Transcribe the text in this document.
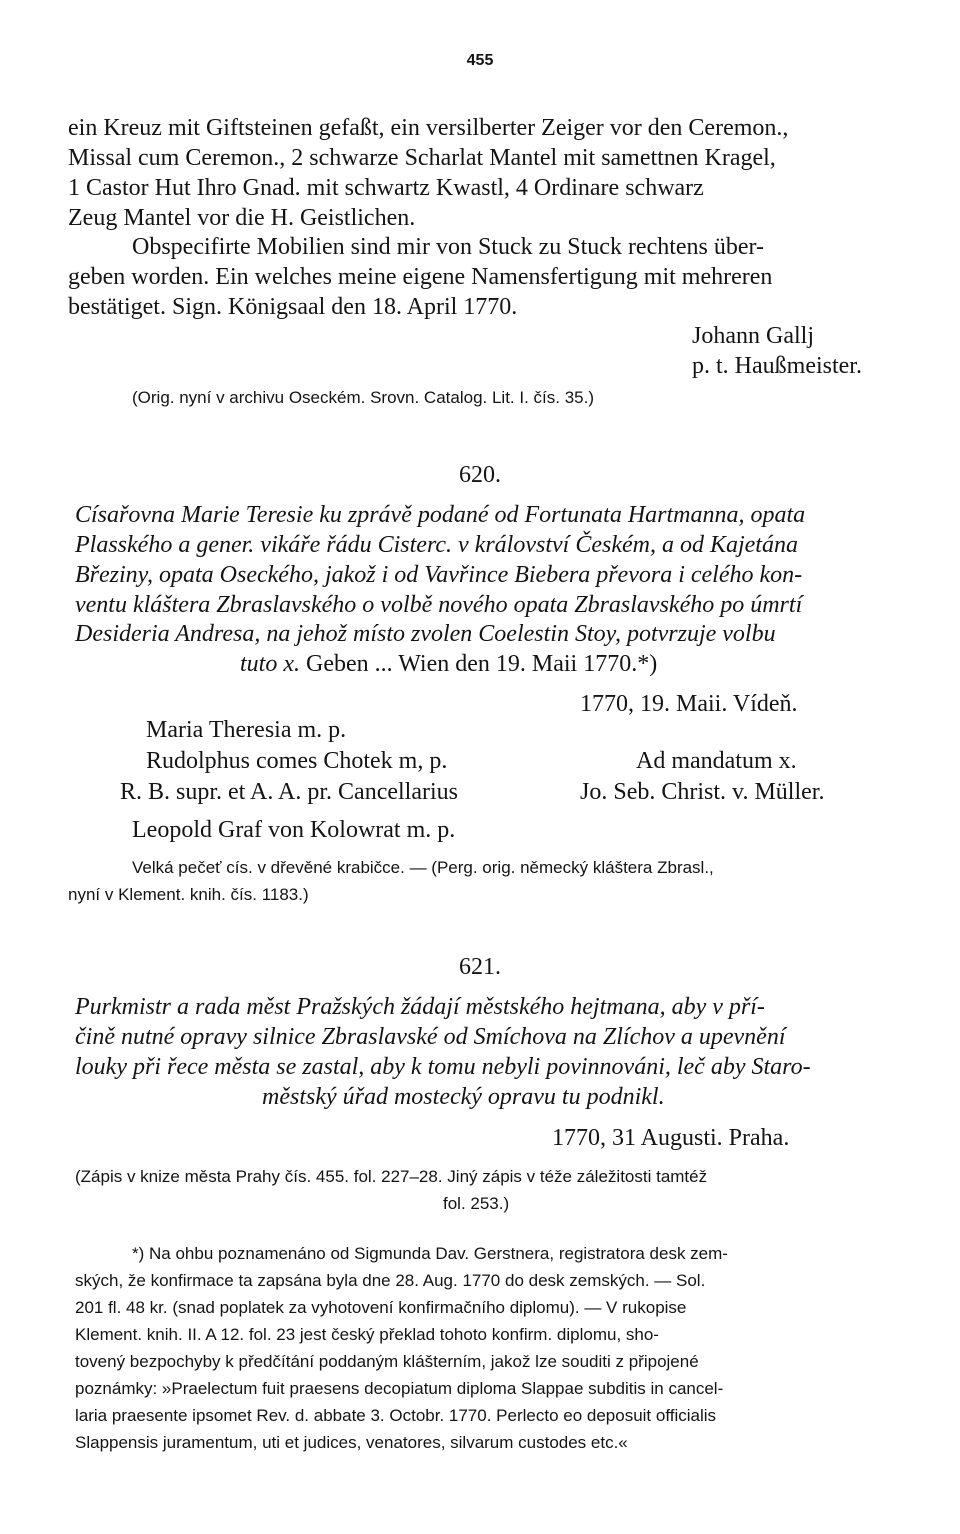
455
ein Kreuz mit Giftsteinen gefaßt, ein versilberter Zeiger vor den Ceremon.,
Missal cum Ceremon., 2 schwarze Scharlat Mantel mit samettnen Kragel,
1 Castor Hut Ihro Gnad. mit schwartz Kwastl, 4 Ordinare schwarz
Zeug Mantel vor die H. Geistlichen.
Obspecifirte Mobilien sind mir von Stuck zu Stuck rechtens über-
geben worden. Ein welches meine eigene Namensfertigung mit mehreren
bestätiget. Sign. Königsaal den 18. April 1770.
Johann Gallj
p. t. Haußmeister.
(Orig. nyní v archivu Oseckém. Srovn. Catalog. Lit. I. čís. 35.)
620.
Císařovna Marie Teresie ku zprávě podané od Fortunata Hartmanna, opata
Plasského a gener. vikáře řádu Cisterc. v království Českém, a od Kajetána
Březiny, opata Oseckého, jakož i od Vavřince Biebera převora i celého kon-
ventu kláštera Zbraslavského o volbě nového opata Zbraslavského po úmrtí
Desideria Andresa, na jehož místo zvolen Coelestin Stoy, potvrzuje volbu
tuto x. Geben ... Wien den 19. Maii 1770.*)
1770, 19. Maii. Vídeň.
Maria Theresia m. p.
Rudolphus comes Chotek m, p.	Ad mandatum x.
R. B. supr. et A. A. pr. Cancellarius	Jo. Seb. Christ. v. Müller.
Leopold Graf von Kolowrat m. p.
Velká pečeť cís. v dřevěné krabičce. — (Perg. orig. německý kláštera Zbrasl.,
nyní v Klement. knih. čís. 1183.)
621.
Purkmistr a rada měst Pražských žádají městského hejtmana, aby v pří-
čině nutné opravy silnice Zbraslavské od Smíchova na Zlíchov a upevnění
louky při řece města se zastal, aby k tomu nebyli povinnováni, leč aby Staro-
městský úřad mostecký opravu tu podnikl.
1770, 31 Augusti. Praha.
(Zápis v knize města Prahy čís. 455. fol. 227–28. Jiný zápis v téže záležitosti tamtéž
fol. 253.)
*) Na ohbu poznamenáno od Sigmunda Dav. Gerstnera, registratora desk zem-
ských, že konfirmace ta zapsána byla dne 28. Aug. 1770 do desk zemských. — Sol.
201 fl. 48 kr. (snad poplatek za vyhotovení konfirmačního diplomu). — V rukopise
Klement. knih. II. A 12. fol. 23 jest český překlad tohoto konfirm. diplomu, sho-
tovený bezpochyby k předčítání poddaným klášterním, jakož lze souditi z připojené
poznámky: »Praelectum fuit praesens decopiatum diploma Slappae subditis in cancel-
laria praesente ipsomet Rev. d. abbate 3. Octobr. 1770. Perlecto eo deposuit officialis
Slappensis juramentum, uti et judices, venatores, silvarum custodes etc.«
